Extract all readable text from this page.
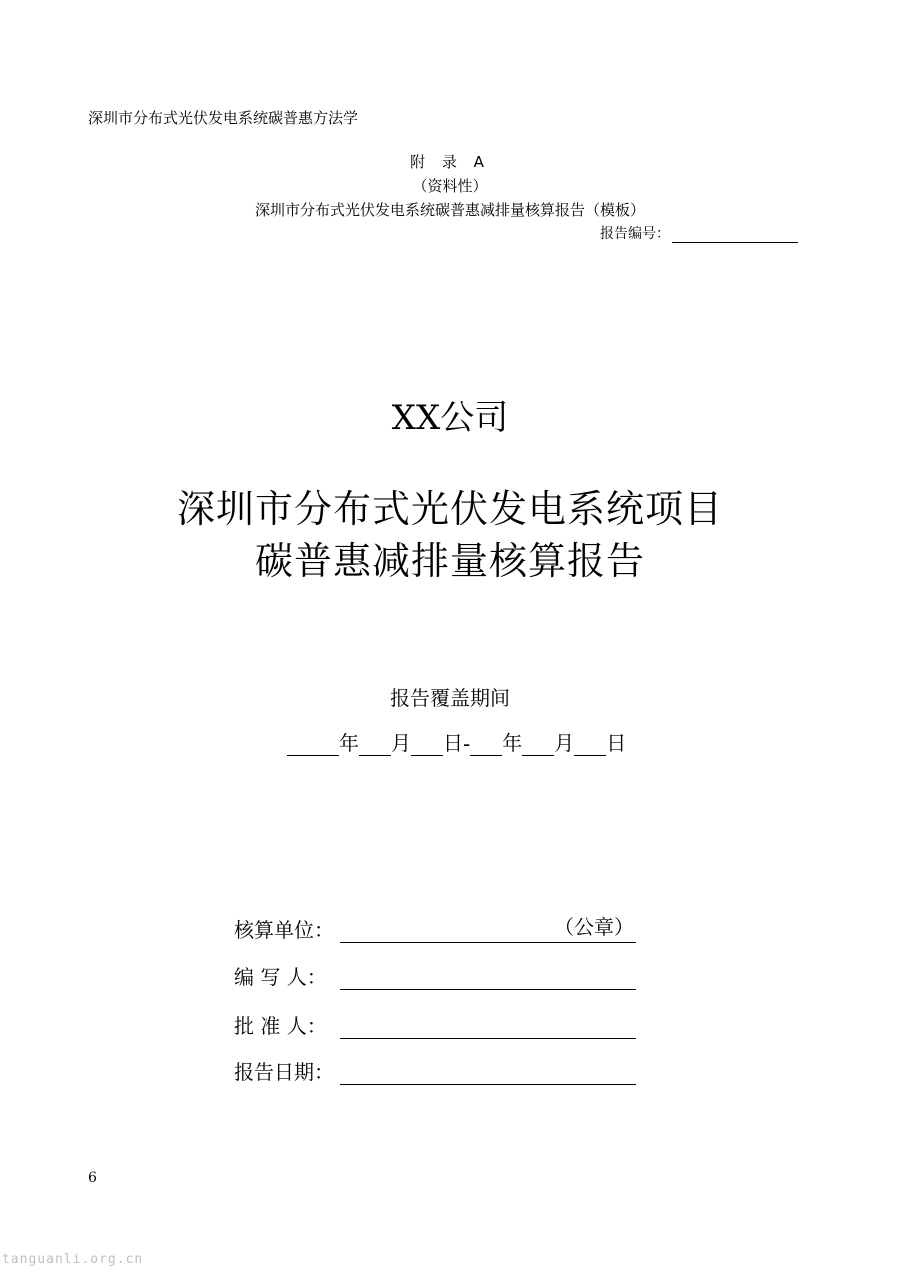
深圳市分布式光伏发电系统碳普惠方法学
附 录 A
（资料性）
深圳市分布式光伏发电系统碳普惠减排量核算报告（模板）
报告编号：
XX公司
深圳市分布式光伏发电系统项目
碳普惠减排量核算报告
报告覆盖期间
年 月 日 - 年 月 日
核算单位：	（公章）
编 写 人：
批 准 人：
报告日期：
6
tanguanli.org.cn
